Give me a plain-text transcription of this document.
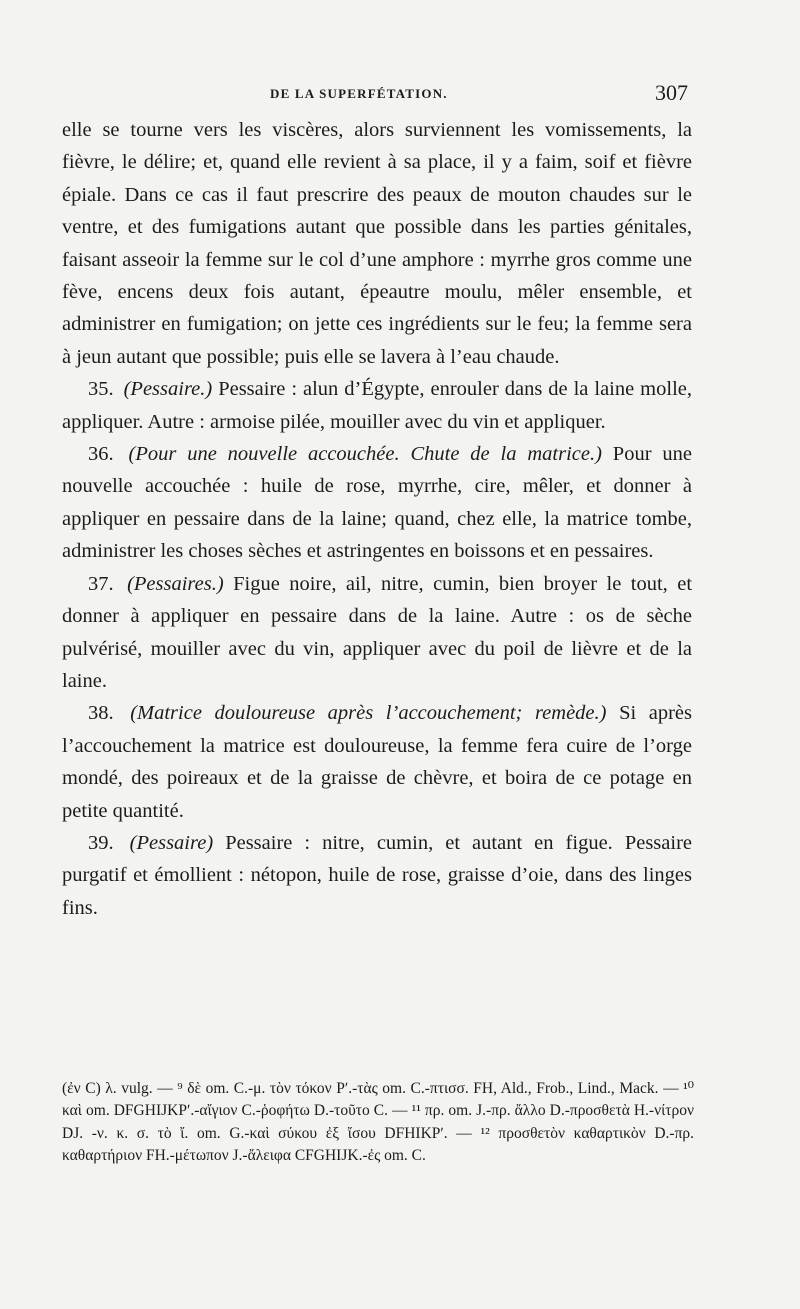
DE LA SUPERFÉTATION.	307

elle se tourne vers les viscères, alors surviennent les vomissements, la fièvre, le délire; et, quand elle revient à sa place, il y a faim, soif et fièvre épiale. Dans ce cas il faut prescrire des peaux de mouton chaudes sur le ventre, et des fumigations autant que possible dans les parties génitales, faisant asseoir la femme sur le col d’une amphore : myrrhe gros comme une fève, encens deux fois autant, épeautre moulu, mêler ensemble, et administrer en fumigation; on jette ces ingrédients sur le feu; la femme sera à jeun autant que possible; puis elle se lavera à l’eau chaude.

35. (Pessaire.) Pessaire : alun d’Égypte, enrouler dans de la laine molle, appliquer. Autre : armoise pilée, mouiller avec du vin et appliquer.

36. (Pour une nouvelle accouchée. Chute de la matrice.) Pour une nouvelle accouchée : huile de rose, myrrhe, cire, mêler, et donner à appliquer en pessaire dans de la laine; quand, chez elle, la matrice tombe, administrer les choses sèches et astringentes en boissons et en pessaires.

37. (Pessaires.) Figue noire, ail, nitre, cumin, bien broyer le tout, et donner à appliquer en pessaire dans de la laine. Autre : os de sèche pulvérisé, mouiller avec du vin, appliquer avec du poil de lièvre et de la laine.

38. (Matrice douloureuse après l’accouchement; remède.) Si après l’accouchement la matrice est douloureuse, la femme fera cuire de l’orge mondé, des poireaux et de la graisse de chèvre, et boira de ce potage en petite quantité.

39. (Pessaire) Pessaire : nitre, cumin, et autant en figue. Pessaire purgatif et émollient : nétopon, huile de rose, graisse d’oie, dans des linges fins.

(ἐν C) λ. vulg. — ⁹ δὲ om. C.-μ. τὸν τόκον Pʹ.-τὰς om. C.-πτισσ. FH, Ald., Frob., Lind., Mack. — ¹⁰ καὶ om. DFGHIJKPʹ.-αἴγιον C.-ῥοφήτω D.-τοῦτο C. — ¹¹ πρ. om. J.-πρ. ἄλλο D.-προσθετὰ H.-νίτρον DJ. -ν. κ. σ. τὸ ἴ. om. G.-καὶ σύκου ἐξ ἴσου DFHIKPʹ. — ¹² προσθετὸν καθαρτικὸν D.-πρ. καθαρτήριον FH.-μέτωπον J.-ἄλειφα CFGHIJK.-ἐς om. C.
